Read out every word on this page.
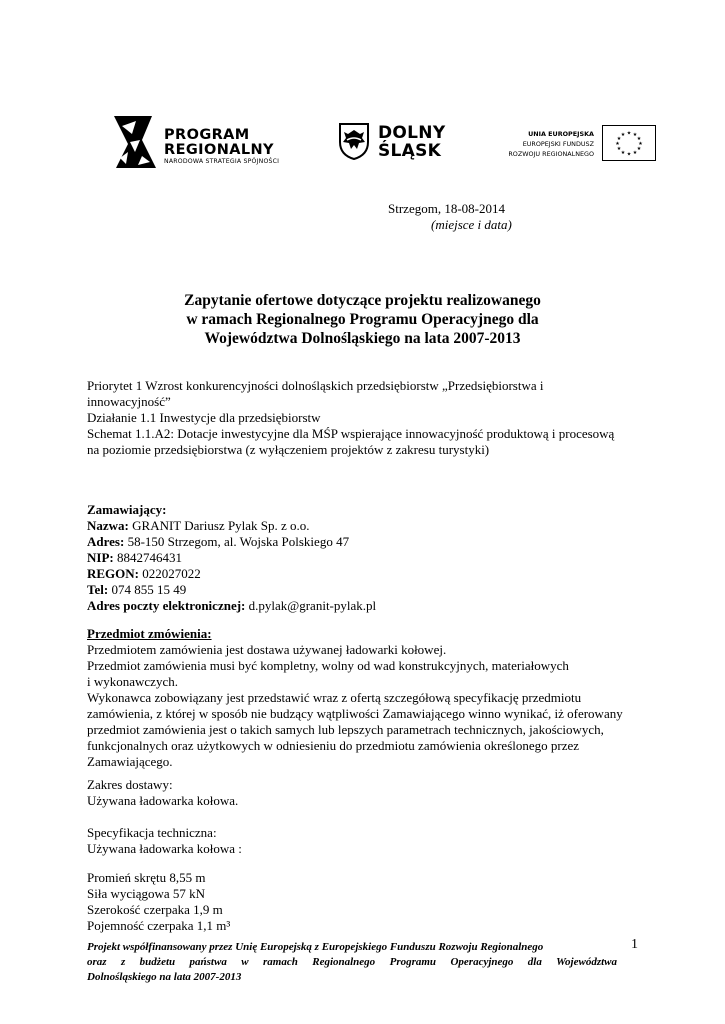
PROGRAM
REGIONALNY
NARODOWA STRATEGIA SPÓJNOŚCI
DOLNY
ŚLĄSK
UNIA EUROPEJSKA
EUROPEJSKI FUNDUSZ
ROZWOJU REGIONALNEGO
★ ★
★
★
★
★
★
★
★
★
★
★
Strzegom, 18-08-2014
(miejsce i data)
Zapytanie ofertowe dotyczące projektu realizowanego
w ramach Regionalnego Programu Operacyjnego dla
Województwa Dolnośląskiego na lata 2007-2013

Priorytet 1 Wzrost konkurencyjności dolnośląskich przedsiębiorstw „Przedsiębiorstwa i

innowacyjność”

Działanie 1.1 Inwestycje dla przedsiębiorstw

Schemat 1.1.A2: Dotacje inwestycyjne dla MŚP wspierające innowacyjność produktową i procesową

na poziomie przedsiębiorstwa (z wyłączeniem projektów z zakresu turystyki)

Zamawiający:

Nazwa: GRANIT Dariusz Pylak Sp. z o.o.

Adres: 58-150 Strzegom, al. Wojska Polskiego 47

NIP: 8842746431

REGON: 022027022

Tel: 074 855 15 49

Adres poczty elektronicznej: d.pylak@granit-pylak.pl

Przedmiot zmówienia:

Przedmiotem zamówienia jest dostawa używanej ładowarki kołowej.

Przedmiot zamówienia musi być kompletny, wolny od wad konstrukcyjnych, materiałowych

i wykonawczych.

Wykonawca zobowiązany jest przedstawić wraz z ofertą szczegółową specyfikację przedmiotu

zamówienia, z której w sposób nie budzący wątpliwości Zamawiającego winno wynikać, iż oferowany

przedmiot zamówienia jest o takich samych lub lepszych parametrach technicznych, jakościowych,

funkcjonalnych oraz użytkowych w odniesieniu do przedmiotu zamówienia określonego przez

Zamawiającego.

Zakres dostawy:

Używana ładowarka kołowa.

Specyfikacja techniczna:

Używana ładowarka kołowa :

Promień skrętu 8,55 m

Siła wyciągowa 57 kN

Szerokość czerpaka 1,9 m

Pojemność czerpaka 1,1 m³

Projekt współfinansowany przez Unię Europejską z Europejskiego Funduszu Rozwoju Regionalnego

oraz z budżetu państwa w ramach Regionalnego Programu Operacyjnego dla Województwa

Dolnośląskiego na lata 2007-2013

1
